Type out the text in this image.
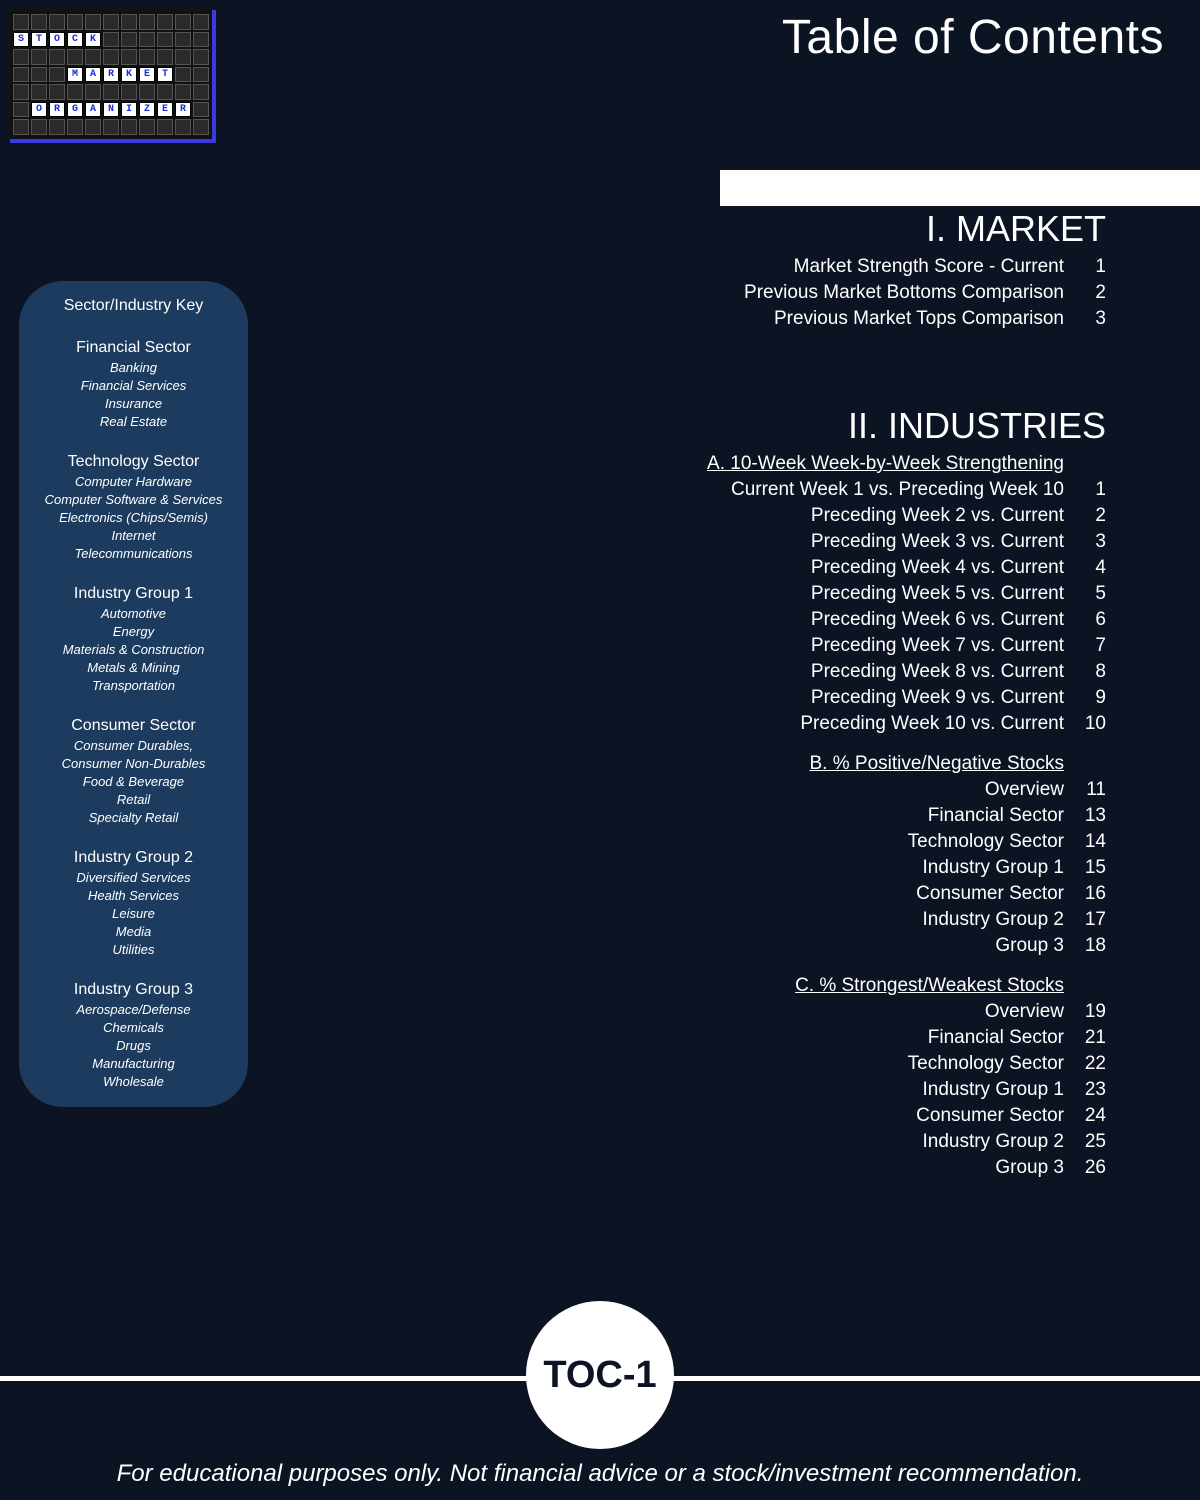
S	T	O	C	K
M	A	R	K	E	T
O	R	G	A	N	I	Z	E	R
Table of Contents
Sector/Industry Key
Financial Sector
Banking
Financial Services
Insurance
Real Estate
Technology Sector
Computer Hardware
Computer Software & Services
Electronics (Chips/Semis)
Internet
Telecommunications
Industry Group 1
Automotive
Energy
Materials & Construction
Metals & Mining
Transportation
Consumer Sector
Consumer Durables,
Consumer Non-Durables
Food & Beverage
Retail
Specialty Retail
Industry Group 2
Diversified Services
Health Services
Leisure
Media
Utilities
Industry Group 3
Aerospace/Defense
Chemicals
Drugs
Manufacturing
Wholesale
I. MARKET
Market Strength Score - Current	1
Previous Market Bottoms Comparison	2
Previous Market Tops Comparison	3
II. INDUSTRIES
A. 10-Week Week-by-Week Strengthening
Current Week 1 vs. Preceding Week 10	1
Preceding Week 2 vs. Current	2
Preceding Week 3 vs. Current	3
Preceding Week 4 vs. Current	4
Preceding Week 5 vs. Current	5
Preceding Week 6 vs. Current	6
Preceding Week 7 vs. Current	7
Preceding Week 8 vs. Current	8
Preceding Week 9 vs. Current	9
Preceding Week 10 vs. Current	10
B. % Positive/Negative Stocks
Overview	11
Financial Sector	13
Technology Sector	14
Industry Group 1	15
Consumer Sector	16
Industry Group 2	17
Group 3	18
C. % Strongest/Weakest Stocks
Overview	19
Financial Sector	21
Technology Sector	22
Industry Group 1	23
Consumer Sector	24
Industry Group 2	25
Group 3	26
TOC-1
For educational purposes only. Not financial advice or a stock/investment recommendation.
